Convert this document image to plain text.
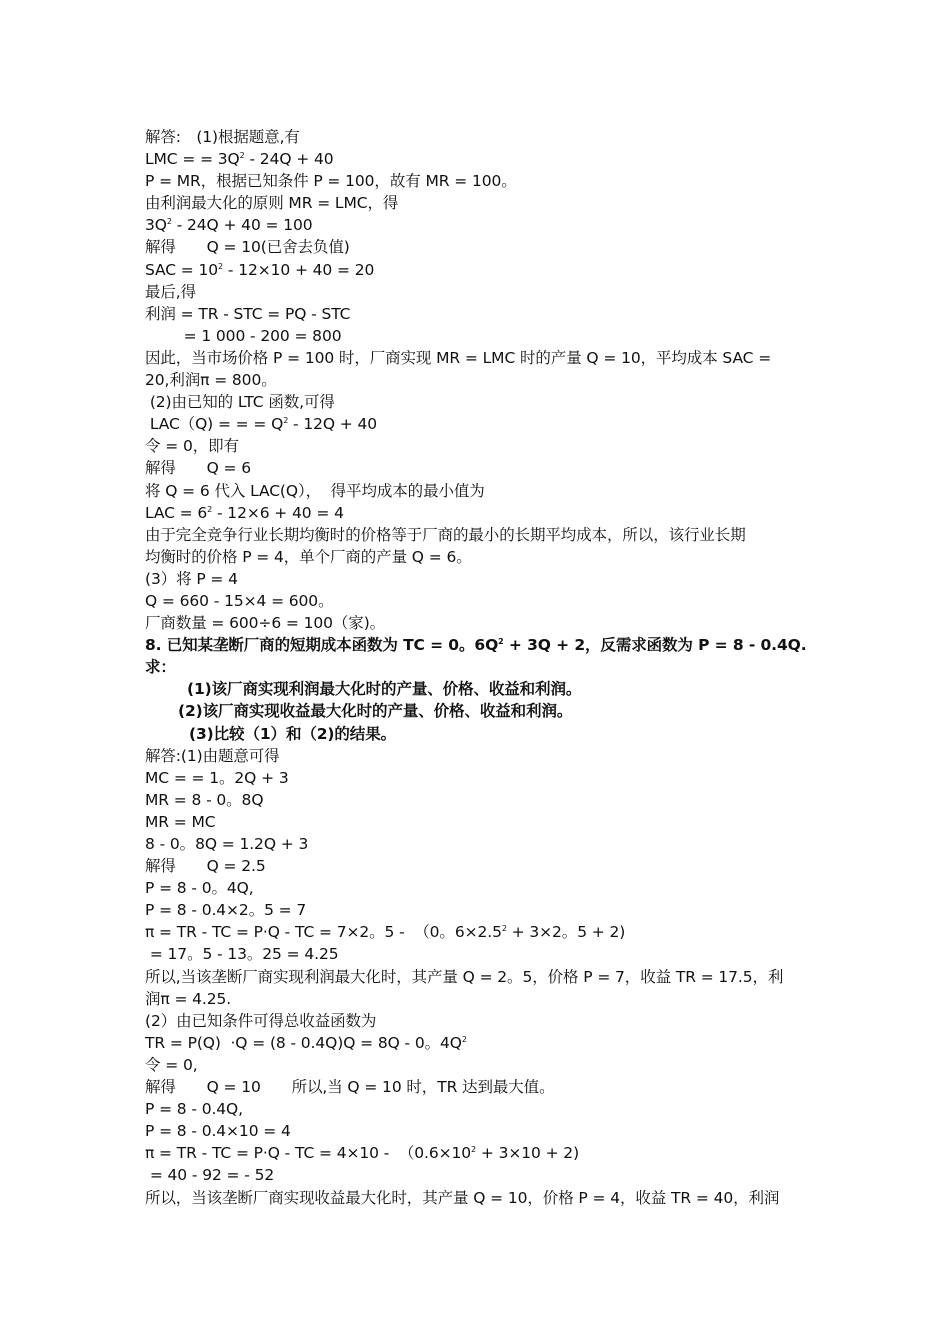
解答:　(1)根据题意,有
LMC = = $3Q^2 - 24Q + 40$
P = MR，根据已知条件 P = 100，故有 MR = 100。
由利润最大化的原则 MR = LMC，得
$3Q^2 - 24Q + 40 = 100$
解得　　Q = 10(已舍去负值)
SAC = $10^2 - 12\times 10 + 40 = 20$
最后,得
利润 = TR - STC = PQ - STC
= 1 000 - 200 = 800
因此，当市场价格 P = 100 时，厂商实现 MR = LMC 时的产量 Q = 10，平均成本 SAC =
20,利润π = 800。
(2)由已知的 LTC 函数,可得
LAC（Q) = = = $Q^2 - 12Q + 40$
令 = 0，即有
解得　　Q = 6
将 Q = 6 代入 LAC(Q），  得平均成本的最小值为
LAC = $6^2 - 12\times 6 + 40 = 4$
由于完全竞争行业长期均衡时的价格等于厂商的最小的长期平均成本，所以，该行业长期
均衡时的价格 P = 4，单个厂商的产量 Q = 6。
(3）将 P = 4
Q = 660 - 15×4 = 600。
厂商数量 = 600÷6 = 100（家)。
8. 已知某垄断厂商的短期成本函数为 TC = 0。$6Q^2 + 3Q + 2$，反需求函数为 P = 8 - 0.4Q.
求：
(1)该厂商实现利润最大化时的产量、价格、收益和利润。
(2)该厂商实现收益最大化时的产量、价格、收益和利润。
(3)比较（1）和（2)的结果。
解答:(1)由题意可得
MC = = 1。2Q + 3
MR = 8 - 0。8Q
MR = MC
8 - 0。8Q = 1.2Q + 3
解得　　Q = 2.5
P = 8 - 0。4Q,
P = 8 - 0.4×2。5 = 7
π = TR - TC = P·Q - TC = 7×2。5 -  （0。$6\times 2.5^2 + 3\times 2$。5 + 2)
= 17。5 - 13。25 = 4.25
所以,当该垄断厂商实现利润最大化时，其产量 Q = 2。5，价格 P = 7，收益 TR = 17.5，利
润π = 4.25.
(2）由已知条件可得总收益函数为
TR = P(Q)  ·Q = (8 - 0.4Q)Q = 8Q - 0。$4Q^2$
令 = 0,
解得　　Q = 10　　所以,当 Q = 10 时，TR 达到最大值。
P = 8 - 0.4Q,
P = 8 - 0.4×10 = 4
π = TR - TC = P·Q - TC = $4\times 10 - (0.6\times 10^2 + 3\times 10 + 2)$
= 40 - 92 = - 52
所以，当该垄断厂商实现收益最大化时，其产量 Q = 10，价格 P = 4，收益 TR = 40，利润
